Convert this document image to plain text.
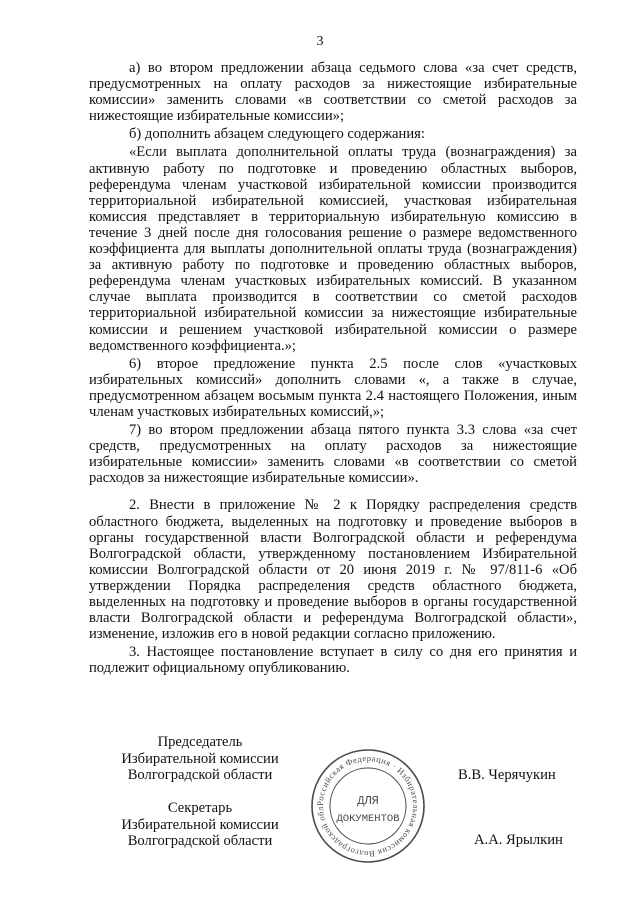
3

а) во втором предложении абзаца седьмого слова «за счет средств, предусмотренных на оплату расходов за нижестоящие избирательные комиссии» заменить словами «в соответствии со сметой расходов за нижестоящие избирательные комиссии»;

б) дополнить абзацем следующего содержания:

«Если выплата дополнительной оплаты труда (вознаграждения) за активную работу по подготовке и проведению областных выборов, референдума членам участковой избирательной комиссии производится территориальной избирательной комиссией, участковая избирательная комиссия представляет в территориальную избирательную комиссию в течение 3 дней после дня голосования решение о размере ведомственного коэффициента для выплаты дополнительной оплаты труда (вознаграждения) за активную работу по подготовке и проведению областных выборов, референдума членам участковых избирательных комиссий. В указанном случае выплата производится в соответствии со сметой расходов территориальной избирательной комиссии за нижестоящие избирательные комиссии и решением участковой избирательной комиссии о размере ведомственного коэффициента.»;

6) второе предложение пункта 2.5 после слов «участковых избирательных комиссий» дополнить словами «, а также в случае, предусмотренном абзацем восьмым пункта 2.4 настоящего Положения, иным членам участковых избирательных комиссий,»;

7) во втором предложении абзаца пятого пункта 3.3 слова «за счет средств, предусмотренных на оплату расходов за нижестоящие избирательные комиссии» заменить словами «в соответствии со сметой расходов за нижестоящие избирательные комиссии».

2. Внести в приложение № 2 к Порядку распределения средств областного бюджета, выделенных на подготовку и проведение выборов в органы государственной власти Волгоградской области и референдума Волгоградской области, утвержденному постановлением Избирательной комиссии Волгоградской области от 20 июня 2019 г. № 97/811-6 «Об утверждении Порядка распределения средств областного бюджета, выделенных на подготовку и проведение выборов в органы государственной власти Волгоградской области и референдума Волгоградской области», изменение, изложив его в новой редакции согласно приложению.

3. Настоящее постановление вступает в силу со дня его принятия и подлежит официальному опубликованию.

Председатель
Избирательной комиссии
Волгоградской области	В.В. Черячукин
Секретарь
Избирательной комиссии
Волгоградской области	А.А. Ярылкин
Российская Федерация · Избирательная комиссия Волгоградской обл
ДЛЯ
ДОКУМЕНТОВ
